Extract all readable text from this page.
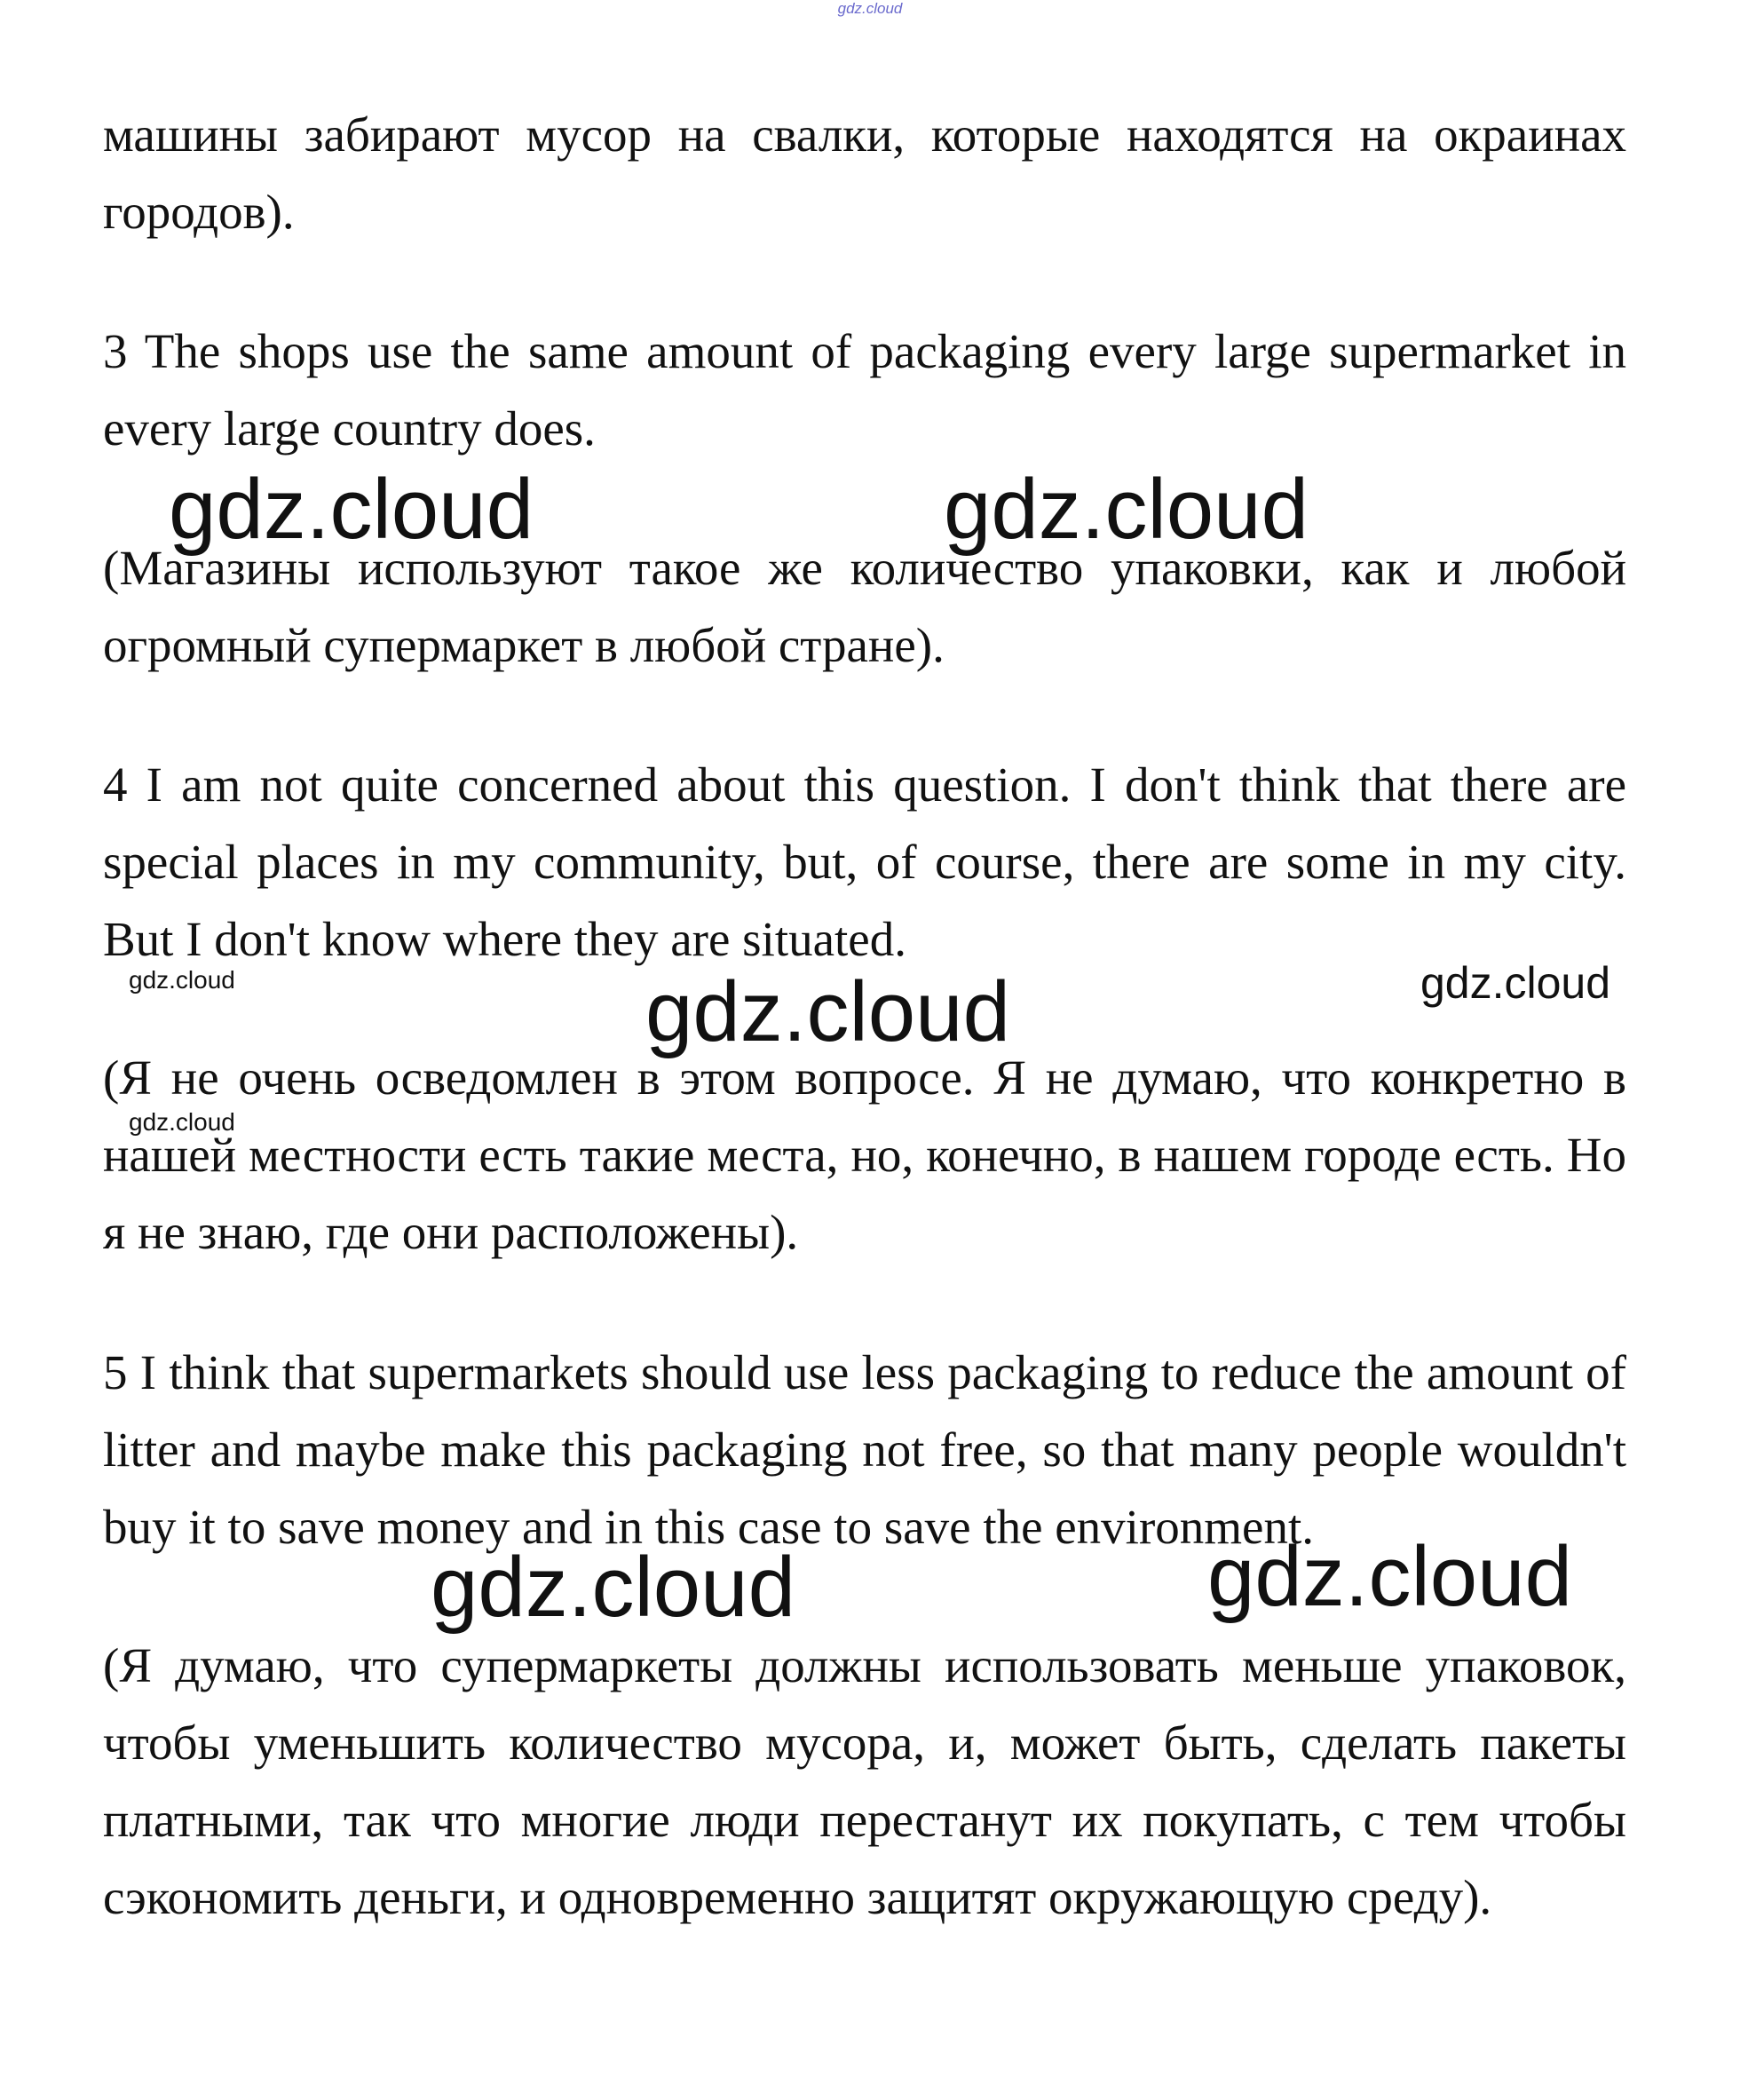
gdz.cloud

машины забирают мусор на свалки, которые находятся на окраинах городов).

3 The shops use the same amount of packaging every large supermarket in every large country does.

(Магазины используют такое же количество упаковки, как и любой огромный супермаркет в любой стране).

4 I am not quite concerned about this question. I don't think that there are special places in my community, but, of course, there are some in my city. But I don't know where they are situated.

(Я не очень осведомлен в этом вопросе. Я не думаю, что конкретно в нашей местности есть такие места, но, конечно, в нашем городе есть. Но я не знаю, где они расположены).

5 I think that supermarkets should use less packaging to reduce the amount of litter and maybe make this packaging not free, so that many people wouldn't buy it to save money and in this case to save the environment.

(Я думаю, что супермаркеты должны использовать меньше упаковок, чтобы уменьшить количество мусора, и, может быть, сделать пакеты платными, так что многие люди перестанут их покупать, с тем чтобы сэкономить деньги, и одновременно защитят окружающую среду).

gdz.cloud	gdz.cloud
gdz.cloud	gdz.cloud	gdz.cloud
gdz.cloud
gdz.cloud	gdz.cloud
